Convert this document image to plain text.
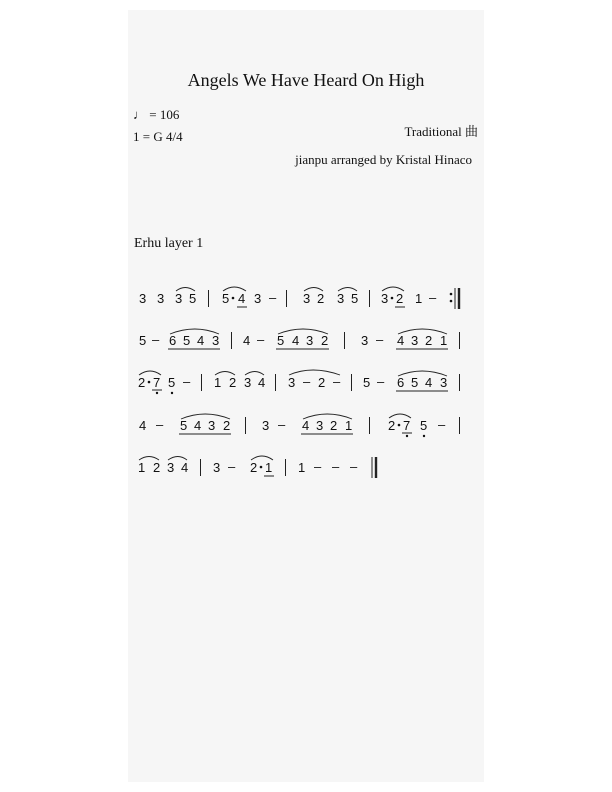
Angels We Have Heard On High
♩ = 106
1 = G 4/4	Traditional 曲
jianpu arranged by Kristal Hinaco
Erhu layer 1
3 3 3 5 5 4 3 – 3 2 3 5 3 2 1 –
5 – 6 5 4 3 4 – 5 4 3 2	3 – 4 3 2 1
2 7 5 – 1 2 3 4 3 – 2 – 5 – 6 5 4 3
4 – 5 4 3 2 3 – 4 3 2 1	2 7 5 –
1 2 3 4 3 – 2 1 1 – – –
